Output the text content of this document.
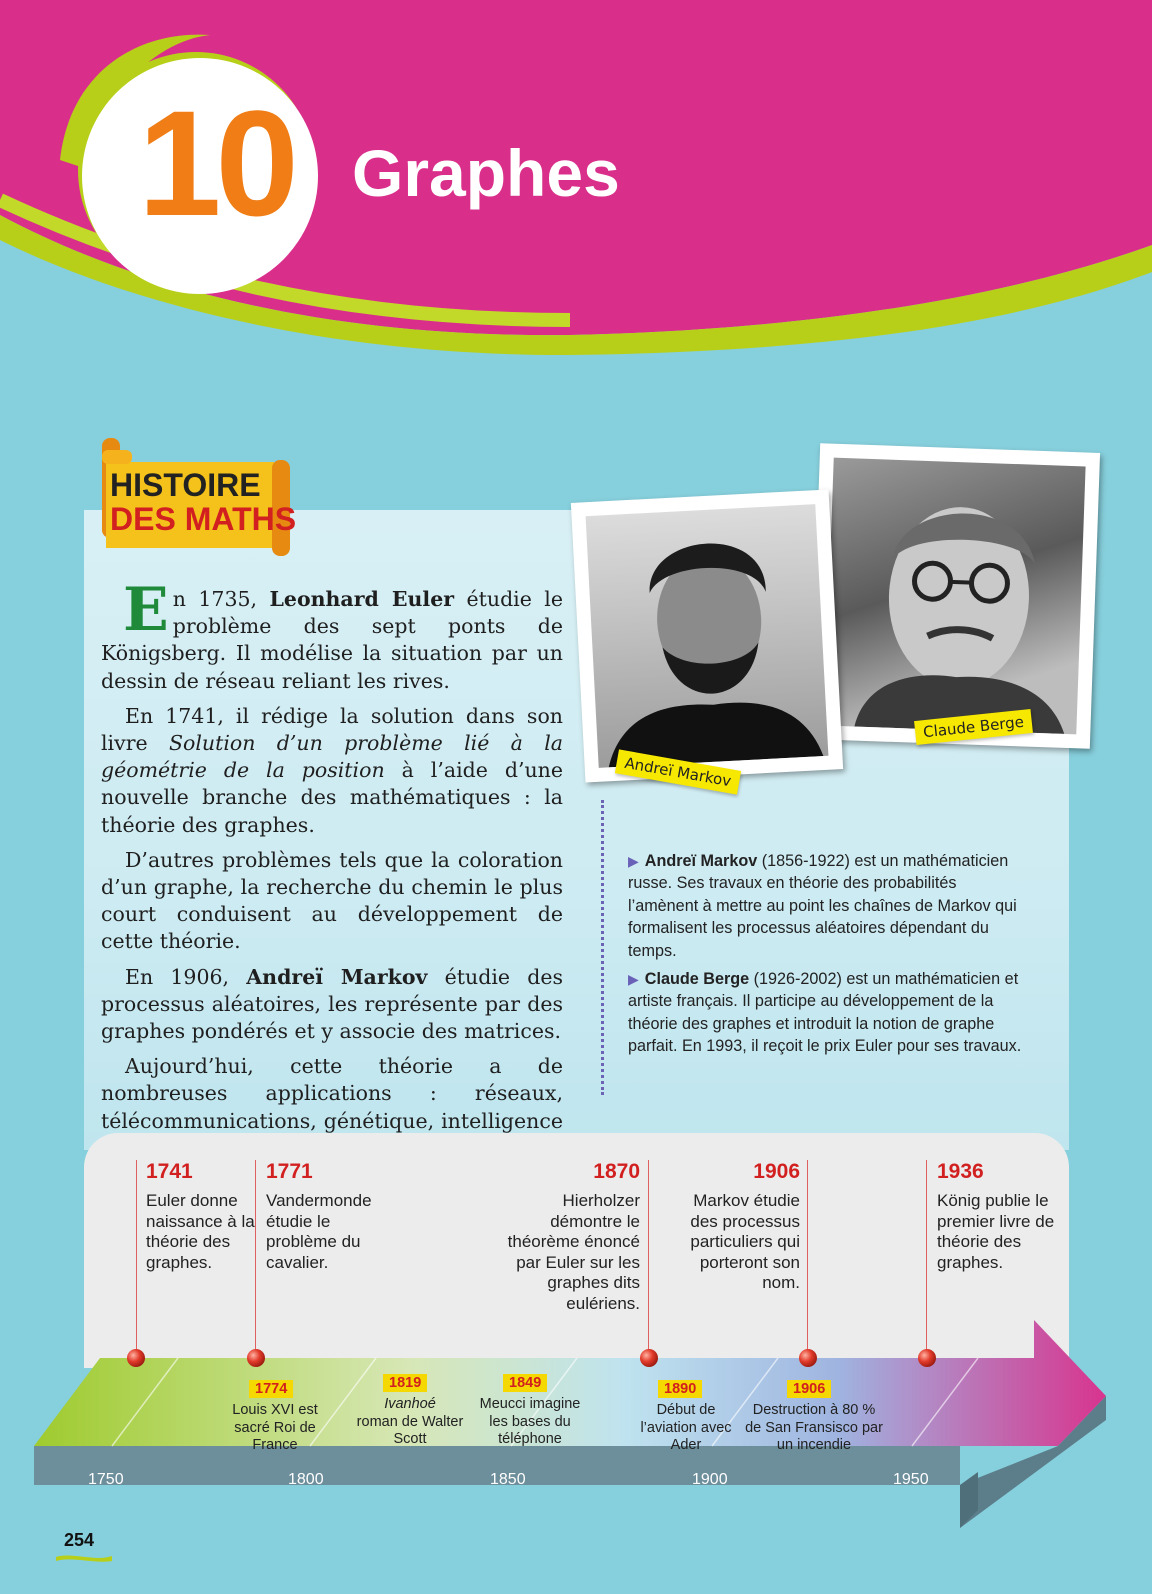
10 Graphes
HISTOIRE
DES MATHS

En 1735, Leonhard Euler étudie le problème des sept ponts de Königsberg. Il modélise la situation par un dessin de réseau reliant les rives.

En 1741, il rédige la solution dans son livre Solution d’un problème lié à la géométrie de la position à l’aide d’une nouvelle branche des mathématiques : la théorie des graphes.

D’autres problèmes tels que la coloration d’un graphe, la recherche du chemin le plus court conduisent au développement de cette théorie.

En 1906, Andreï Markov étudie des processus aléatoires, les représente par des graphes pondérés et y associe des matrices.

Aujourd’hui, cette théorie a de nombreuses applications : réseaux, télécommunications, génétique, intelligence

Claude Berge
Andreï Markov

▶ Andreï Markov (1856-1922) est un mathématicien russe. Ses travaux en théorie des probabilités l’amènent à mettre au point les chaînes de Markov qui formalisent les processus aléatoires dépendant du temps.

▶ Claude Berge (1926-2002) est un mathématicien et artiste français. Il participe au développement de la théorie des graphes et introduit la notion de graphe parfait. En 1993, il reçoit le prix Euler pour ses travaux.

1741
Euler donne naissance à la théorie des graphes.
1771
Vandermonde étudie le problème du cavalier.
1870
Hierholzer démontre le théorème énoncé par Euler sur les graphes dits eulériens.
1906
Markov étudie des processus particuliers qui porteront son nom.
1936
König publie le premier livre de théorie des graphes.
1774
Louis XVI est sacré Roi de France
1819
Ivanhoé
roman de Walter Scott
1849
Meucci imagine les bases du téléphone
1890
Début de l’aviation avec Ader
1906
Destruction à 80 % de San Fransisco par un incendie
1750	1800	1850	1900	1950
254
